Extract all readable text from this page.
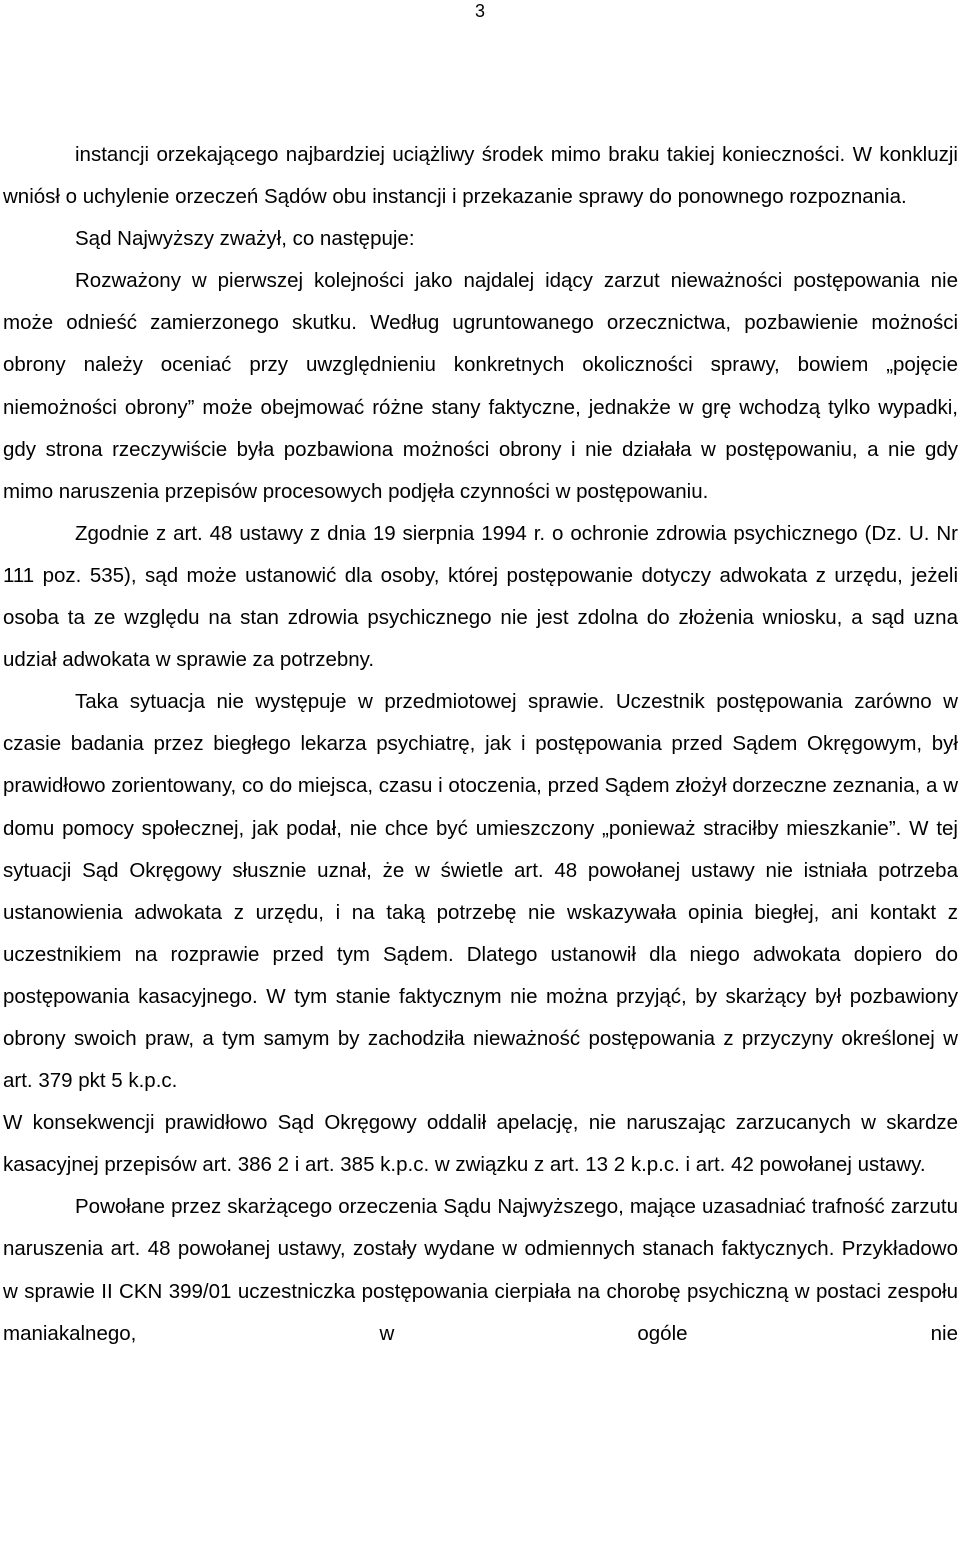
3

instancji orzekającego najbardziej uciążliwy środek mimo braku takiej konieczności. W konkluzji wniósł o uchylenie orzeczeń Sądów obu instancji i przekazanie sprawy do ponownego rozpoznania.

Sąd Najwyższy zważył, co następuje:

Rozważony w pierwszej kolejności jako najdalej idący zarzut nieważności postępowania nie może odnieść zamierzonego skutku. Według ugruntowanego orzecznictwa, pozbawienie możności obrony należy oceniać przy uwzględnieniu konkretnych okoliczności sprawy, bowiem „pojęcie niemożności obrony” może obejmować różne stany faktyczne, jednakże w grę wchodzą tylko wypadki, gdy strona rzeczywiście była pozbawiona możności obrony i nie działała w postępowaniu, a nie gdy mimo naruszenia przepisów procesowych podjęła czynności w postępowaniu.

Zgodnie z art. 48 ustawy z dnia 19 sierpnia 1994 r. o ochronie zdrowia psychicznego (Dz. U. Nr 111 poz. 535), sąd może ustanowić dla osoby, której postępowanie dotyczy adwokata z urzędu, jeżeli osoba ta ze względu na stan zdrowia psychicznego nie jest zdolna do złożenia wniosku, a sąd uzna udział adwokata w sprawie za potrzebny.

Taka sytuacja nie występuje w przedmiotowej sprawie. Uczestnik postępowania zarówno w czasie badania przez biegłego lekarza psychiatrę, jak i postępowania przed Sądem Okręgowym, był prawidłowo zorientowany, co do miejsca, czasu i otoczenia, przed Sądem złożył dorzeczne zeznania, a w domu pomocy społecznej, jak podał, nie chce być umieszczony „ponieważ straciłby mieszkanie”. W tej sytuacji Sąd Okręgowy słusznie uznał, że w świetle art. 48 powołanej ustawy nie istniała potrzeba ustanowienia adwokata z urzędu, i na taką potrzebę nie wskazywała opinia biegłej, ani kontakt z uczestnikiem na rozprawie przed tym Sądem. Dlatego ustanowił dla niego adwokata dopiero do postępowania kasacyjnego. W tym stanie faktycznym nie można przyjąć, by skarżący był pozbawiony obrony swoich praw, a tym samym by zachodziła nieważność postępowania z przyczyny określonej w art. 379 pkt 5 k.p.c.

W konsekwencji prawidłowo Sąd Okręgowy oddalił apelację, nie naruszając zarzucanych w skardze kasacyjnej przepisów art. 386 2 i art. 385 k.p.c. w związku z art. 13 2 k.p.c. i art. 42 powołanej ustawy.

Powołane przez skarżącego orzeczenia Sądu Najwyższego, mające uzasadniać trafność zarzutu naruszenia art. 48 powołanej ustawy, zostały wydane w odmiennych stanach faktycznych. Przykładowo w sprawie II CKN 399/01 uczestniczka postępowania cierpiała na chorobę psychiczną w postaci zespołu maniakalnego, w ogóle nie
